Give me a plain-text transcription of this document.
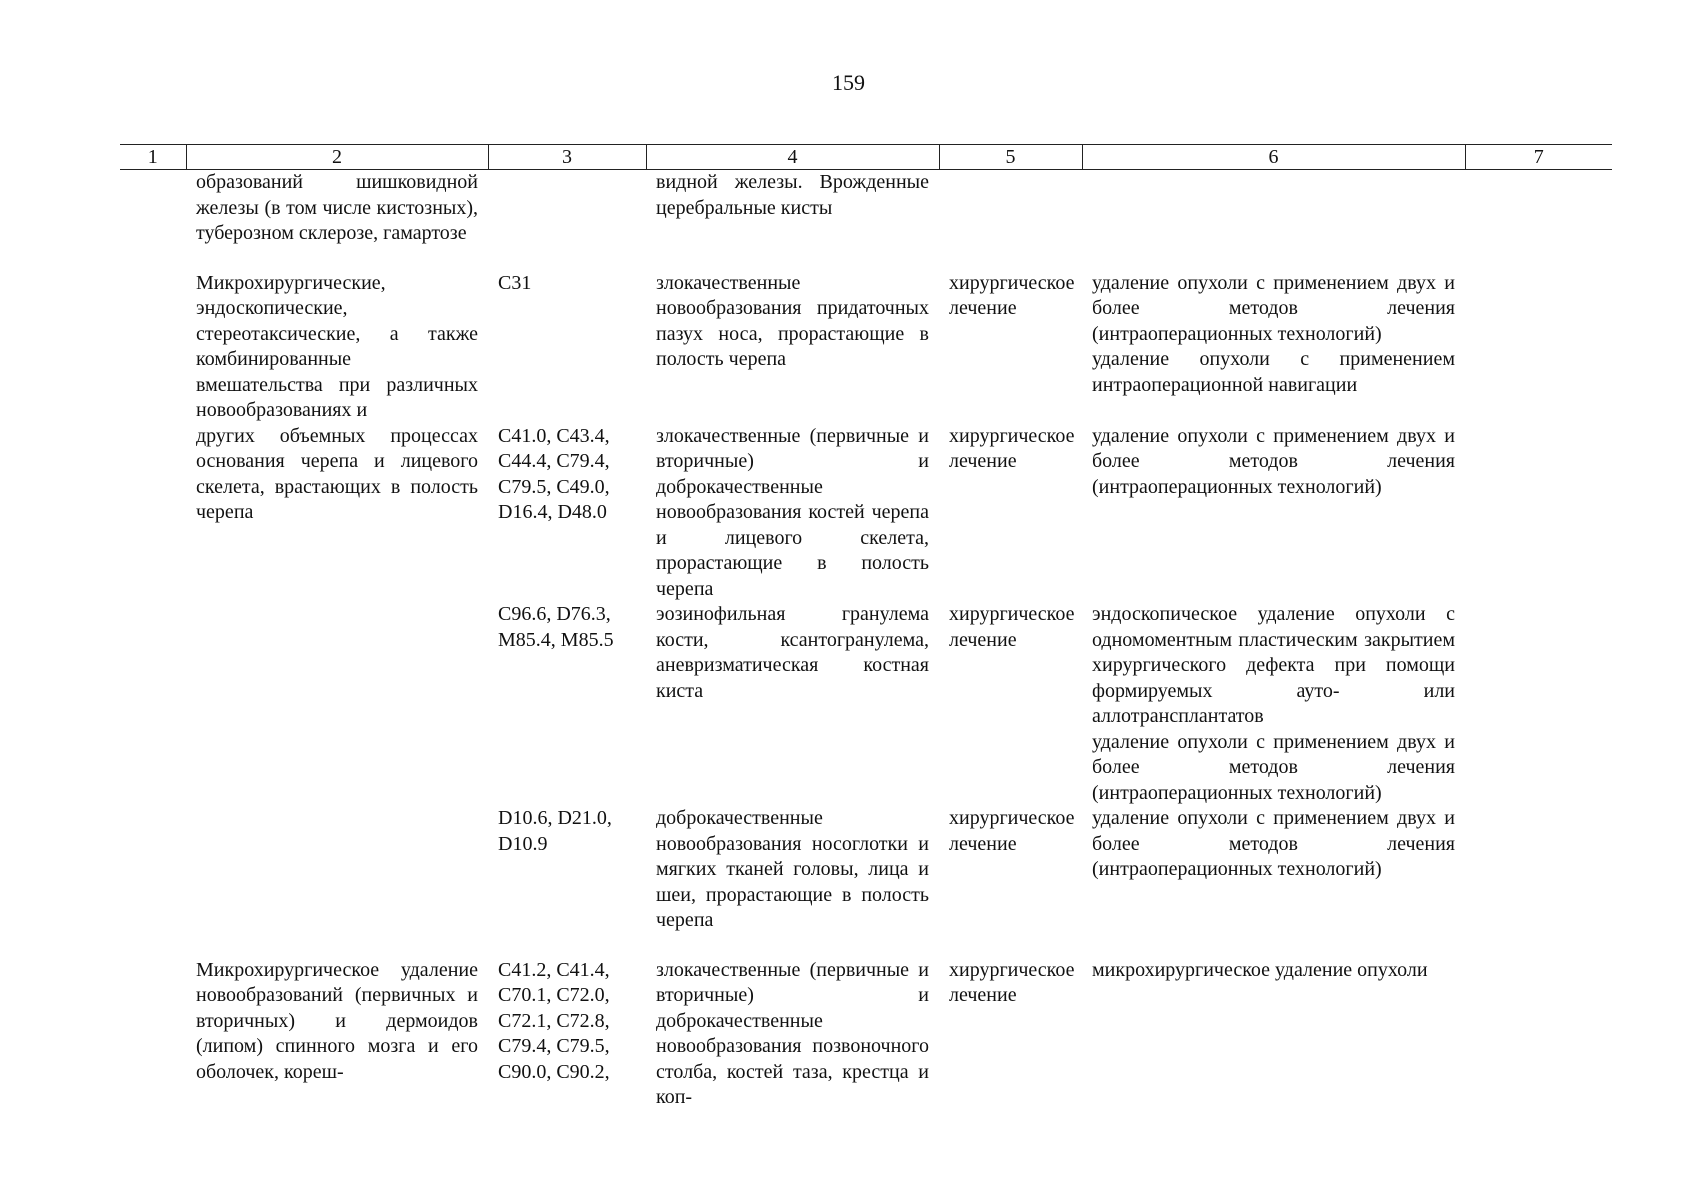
159
1	2	3	4	5	6	7
	образований шишковидной железы (в том числе кистозных), туберозном склерозе, гамартозе		видной железы. Врожденные церебральные кисты			

	Микрохирургические, эндоскопические, стереотаксические, а также комбинированные вмешательства при различных новообразованиях и	C31	злокачественные новообразования придаточных пазух носа, прорастающие в полость черепа	хирургическое лечение	удаление опухоли с применением двух и более методов лечения (интраоперационных технологий)
удаление опухоли с применением интраоперационной навигации	
	других объемных процессах основания черепа и лицевого скелета, врастающих в полость черепа	C41.0, C43.4, C44.4, C79.4, C79.5, C49.0, D16.4, D48.0	злокачественные (первичные и вторичные) и доброкачественные новообразования костей черепа и лицевого скелета, прорастающие в полость черепа	хирургическое лечение	удаление опухоли с применением двух и более методов лечения (интраоперационных технологий)	
		C96.6, D76.3, M85.4, M85.5	эозинофильная гранулема кости, ксантогранулема, аневризматическая костная киста	хирургическое лечение	эндоскопическое удаление опухоли с одномоментным пластическим закрытием хирургического дефекта при помощи формируемых ауто- или аллотрансплантатов
удаление опухоли с применением двух и более методов лечения (интраоперационных технологий)	
		D10.6, D21.0, D10.9	доброкачественные новообразования носоглотки и мягких тканей головы, лица и шеи, прорастающие в полость черепа	хирургическое лечение	удаление опухоли с применением двух и более методов лечения (интраоперационных технологий)	

	Микрохирургическое удаление новообразований (первичных и вторичных) и дермоидов (липом) спинного мозга и его оболочек, кореш-	C41.2, C41.4, C70.1, C72.0, C72.1, C72.8, C79.4, C79.5, C90.0, C90.2,	злокачественные (первичные и вторичные) и доброкачественные новообразования позвоночного столба, костей таза, крестца и коп-	хирургическое лечение	микрохирургическое удаление опухоли	
